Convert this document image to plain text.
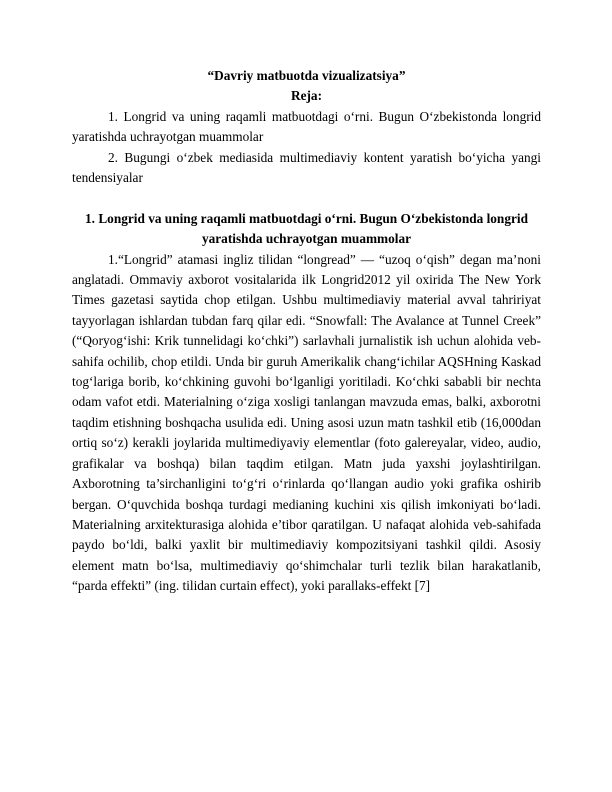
“Davriy matbuotda vizualizatsiya”

Reja:

1. Longrid va uning raqamli matbuotdagi o‘rni. Bugun O‘zbekistonda longrid yaratishda uchrayotgan muammolar

2. Bugungi o‘zbek mediasida multimediaviy kontent yaratish bo‘yicha yangi tendensiyalar

1. Longrid va uning raqamli matbuotdagi o‘rni. Bugun O‘zbekistonda longrid yaratishda uchrayotgan muammolar

1.“Longrid” atamasi ingliz tilidan “longread” — “uzoq o‘qish” degan ma’noni anglatadi. Ommaviy axborot vositalarida ilk Longrid2012 yil oxirida The New York Times gazetasi saytida chop etilgan. Ushbu multimediaviy material avval tahririyat tayyorlagan ishlardan tubdan farq qilar edi. “Snowfall: The Avalance at Tunnel Creek” (“Qoryog‘ishi: Krik tunnelidagi ko‘chki”) sarlavhali jurnalistik ish uchun alohida veb-sahifa ochilib, chop etildi. Unda bir guruh Amerikalik chang‘ichilar AQSHning Kaskad tog‘lariga borib, ko‘chkining guvohi bo‘lganligi yoritiladi. Ko‘chki sababli bir nechta odam vafot etdi. Materialning o‘ziga xosligi tanlangan mavzuda emas, balki, axborotni taqdim etishning boshqacha usulida edi. Uning asosi uzun matn tashkil etib (16,000dan ortiq so‘z) kerakli joylarida multimediyaviy elementlar (foto galereyalar, video, audio, grafikalar va boshqa) bilan taqdim etilgan. Matn juda yaxshi joylashtirilgan. Axborotning ta’sirchanligini to‘g‘ri o‘rinlarda qo‘llangan audio yoki grafika oshirib bergan. O‘quvchida boshqa turdagi medianing kuchini xis qilish imkoniyati bo‘ladi. Materialning arxitekturasiga alohida e’tibor qaratilgan. U nafaqat alohida veb-sahifada paydo bo‘ldi, balki yaxlit bir multimediaviy kompozitsiyani tashkil qildi. Asosiy element matn bo‘lsa, multimediaviy qo‘shimchalar turli tezlik bilan harakatlanib, “parda effekti” (ing. tilidan curtain effect), yoki parallaks-effekt [7]
